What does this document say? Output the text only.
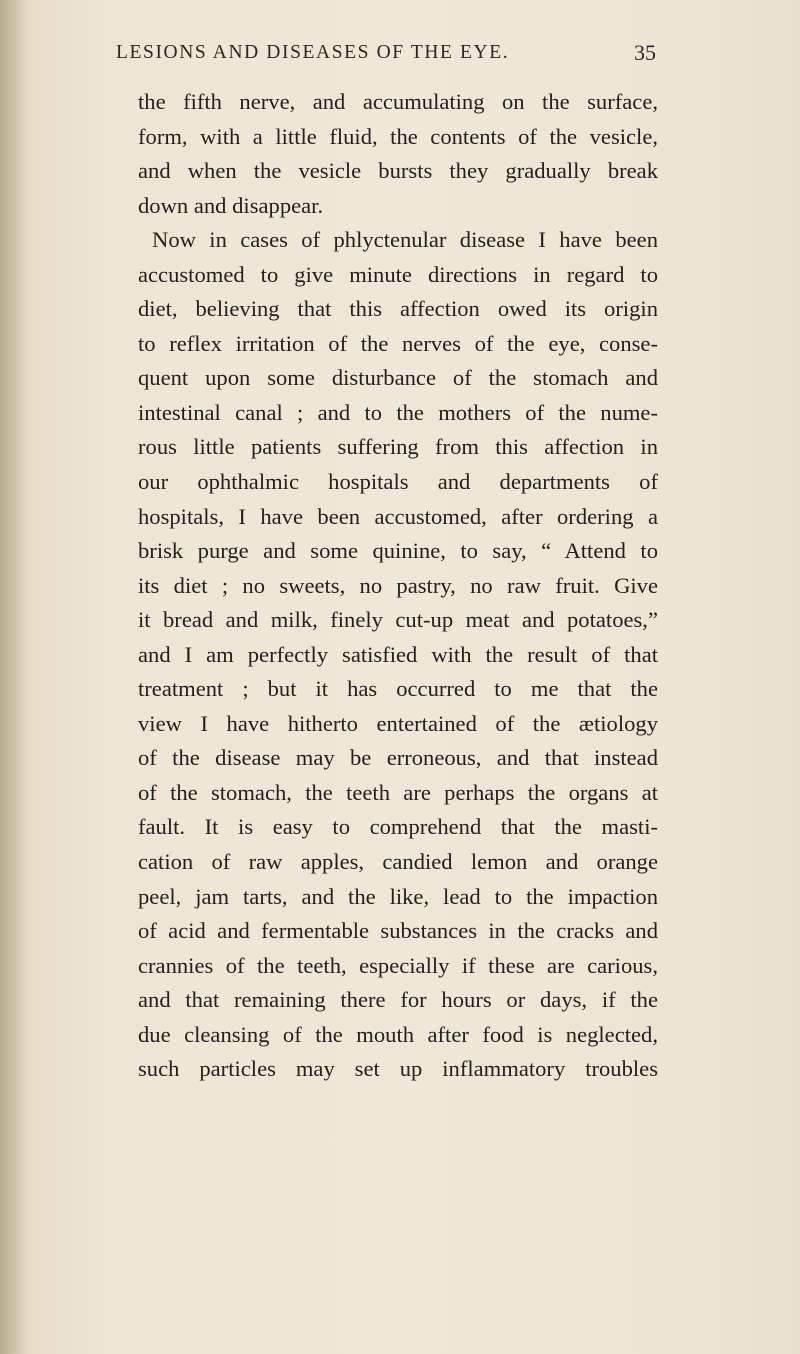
LESIONS AND DISEASES OF THE EYE.	35
the fifth nerve, and accumulating on the surface,
form, with a little fluid, the contents of the vesicle,
and when the vesicle bursts they gradually break
down and disappear.
Now in cases of phlyctenular disease I have been
accustomed to give minute directions in regard to
diet, believing that this affection owed its origin
to reflex irritation of the nerves of the eye, conse-
quent upon some disturbance of the stomach and
intestinal canal ; and to the mothers of the nume-
rous little patients suffering from this affection in
our ophthalmic hospitals and departments of
hospitals, I have been accustomed, after ordering a
brisk purge and some quinine, to say, “ Attend to
its diet ; no sweets, no pastry, no raw fruit. Give
it bread and milk, finely cut-up meat and potatoes,”
and I am perfectly satisfied with the result of that
treatment ; but it has occurred to me that the
view I have hitherto entertained of the ætiology
of the disease may be erroneous, and that instead
of the stomach, the teeth are perhaps the organs at
fault. It is easy to comprehend that the masti-
cation of raw apples, candied lemon and orange
peel, jam tarts, and the like, lead to the impaction
of acid and fermentable substances in the cracks and
crannies of the teeth, especially if these are carious,
and that remaining there for hours or days, if the
due cleansing of the mouth after food is neglected,
such particles may set up inflammatory troubles
